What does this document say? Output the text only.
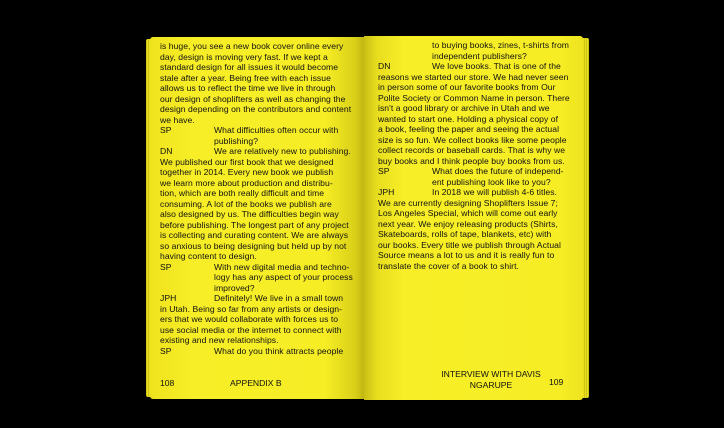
is huge, you see a new book cover online every
day, design is moving very fast. If we kept a
standard design for all issues it would become
stale after a year. Being free with each issue
allows us to reflect the time we live in through
our design of shoplifters as well as changing the
design depending on the contributors and content
we have.
SP	What difficulties often occur with
publishing?
DN	We are relatively new to publishing.
We published our first book that we designed
together in 2014. Every new book we publish
we learn more about production and distribu-
tion, which are both really difficult and time
consuming. A lot of the books we publish are
also designed by us. The difficulties begin way
before publishing. The longest part of any project
is collecting and curating content. We are always
so anxious to being designing but held up by not
having content to design.
SP	With new digital media and techno-
logy has any aspect of your process
improved?
JPH	Definitely! We live in a small town
in Utah. Being so far from any artists or design-
ers that we would collaborate with forces us to
use social media or the internet to connect with
existing and new relationships.
SP	What do you think attracts people
108	APPENDIX B
to buying books, zines, t-shirts from
independent publishers?
DN	We love books. That is one of the
reasons we started our store. We had never seen
in person some of our favorite books from Our
Polite Society or Common Name in person. There
isn't a good library or archive in Utah and we
wanted to start one. Holding a physical copy of
a book, feeling the paper and seeing the actual
size is so fun. We collect books like some people
collect records or baseball cards. That is why we
buy books and I think people buy books from us.
SP	What does the future of independ-
ent publishing look like to you?
JPH	In 2018 we will publish 4-6 titles.
We are currently designing Shoplifters Issue 7;
Los Angeles Special, which will come out early
next year. We enjoy releasing products (Shirts,
Skateboards, rolls of tape, blankets, etc) with
our books. Every title we publish through Actual
Source means a lot to us and it is really fun to
translate the cover of a book to shirt.
INTERVIEW WITH DAVIS
NGARUPE	109
